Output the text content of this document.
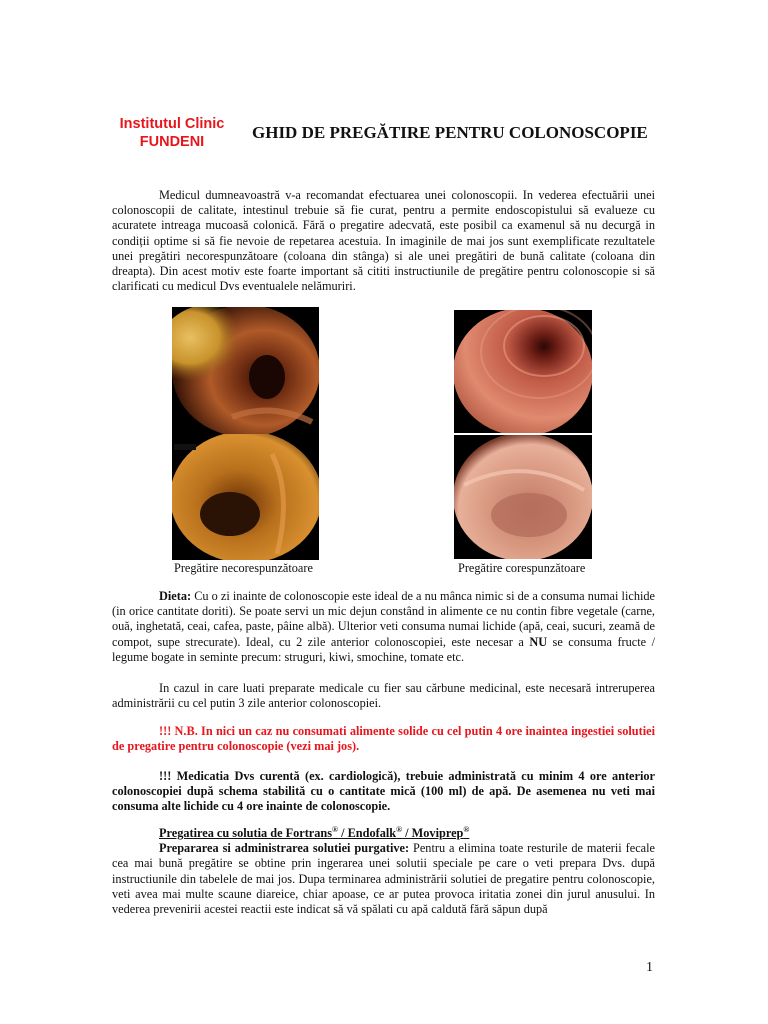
Institutul Clinic
FUNDENI	GHID DE PREGĂTIRE PENTRU COLONOSCOPIE
Medicul dumneavoastră v-a recomandat efectuarea unei colonoscopii. In vederea efectuării unei colonoscopii de calitate, intestinul trebuie să fie curat, pentru a permite endoscopistului să evalueze cu acuratete intreaga mucoasă colonică. Fără o pregatire adecvată, este posibil ca examenul să nu decurgă in condiții optime si să fie nevoie de repetarea acestuia. In imaginile de mai jos sunt exemplificate rezultatele unei pregătiri necorespunzătoare (coloana din stânga) si ale unei pregătiri de bună calitate (coloana din dreapta). Din acest motiv este foarte important să cititi instructiunile de pregătire pentru colonoscopie si să clarificati cu medicul Dvs eventualele nelămuriri.
Pregătire necorespunzătoare	Pregătire corespunzătoare
Dieta: Cu o zi inainte de colonoscopie este ideal de a nu mânca nimic si de a consuma numai lichide (in orice cantitate doriti). Se poate servi un mic dejun constând in alimente ce nu contin fibre vegetale (carne, ouă, inghetată, ceai, cafea, paste, pâine albă). Ulterior veti consuma numai lichide (apă, ceai, sucuri, zeamă de compot, supe strecurate). Ideal, cu 2 zile anterior colonoscopiei, este necesar a NU se consuma fructe / legume bogate in seminte precum: struguri, kiwi, smochine, tomate etc.
In cazul in care luati preparate medicale cu fier sau cărbune medicinal, este necesară intreruperea administrării cu cel putin 3 zile anterior colonoscopiei.
!!! N.B. In nici un caz nu consumati alimente solide cu cel putin 4 ore inaintea ingestiei solutiei de pregatire pentru colonoscopie (vezi mai jos).
!!! Medicatia Dvs curentă (ex. cardiologică), trebuie administrată cu minim 4 ore anterior colonoscopiei după schema stabilită cu o cantitate mică (100 ml) de apă. De asemenea nu veti mai consuma alte lichide cu 4 ore inainte de colonoscopie.
Pregatirea cu solutia de Fortrans® / Endofalk® / Moviprep®
Prepararea si administrarea solutiei purgative: Pentru a elimina toate resturile de materii fecale cea mai bună pregătire se obtine prin ingerarea unei solutii speciale pe care o veti prepara Dvs. după instructiunile din tabelele de mai jos. Dupa terminarea administrării solutiei de pregatire pentru colonoscopie, veti avea mai multe scaune diareice, chiar apoase, ce ar putea provoca iritatia zonei din jurul anusului. In vederea prevenirii acestei reactii este indicat să vă spălati cu apă caldută fără săpun după
1
